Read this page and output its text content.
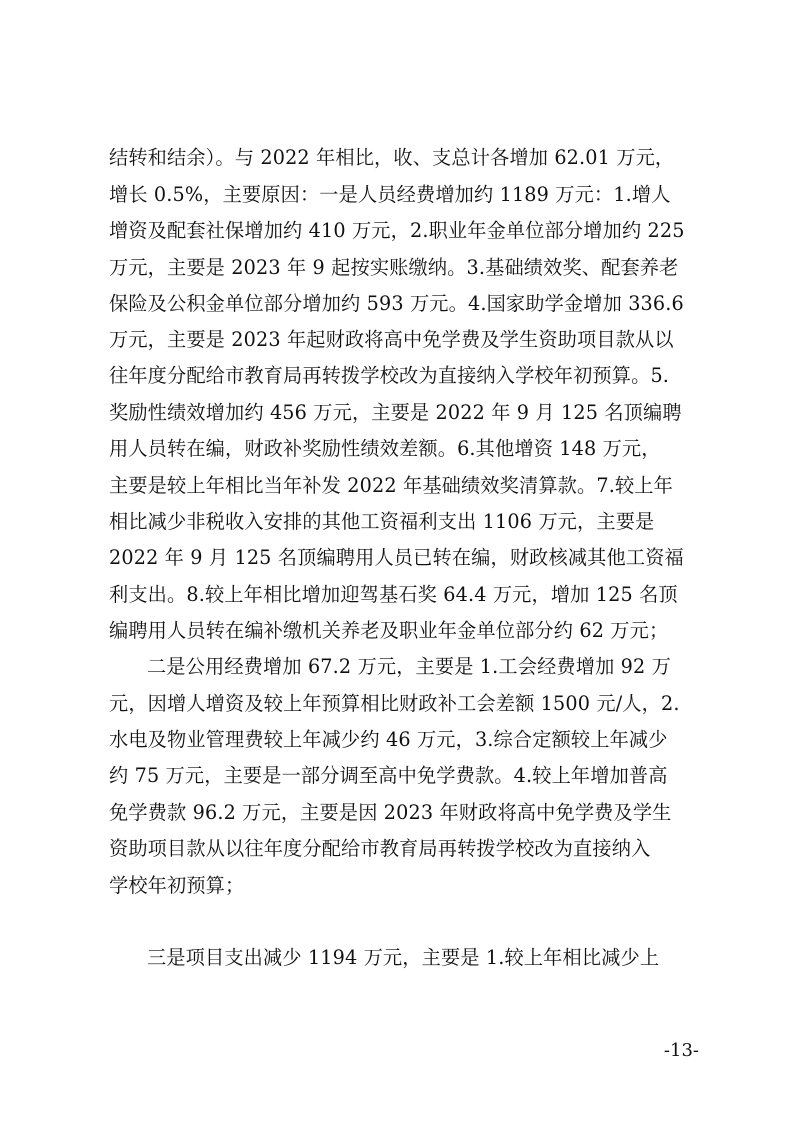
结转和结余）。与 2022 年相比，收、支总计各增加 62.01 万元，
增长 0.5%，主要原因：一是人员经费增加约 1189 万元：1.增人
增资及配套社保增加约 410 万元，2.职业年金单位部分增加约 225
万元，主要是 2023 年 9 起按实账缴纳。3.基础绩效奖、配套养老
保险及公积金单位部分增加约 593 万元。4.国家助学金增加 336.6
万元，主要是 2023 年起财政将高中免学费及学生资助项目款从以
往年度分配给市教育局再转拨学校改为直接纳入学校年初预算。5.
奖励性绩效增加约 456 万元，主要是 2022 年 9 月 125 名顶编聘
用人员转在编，财政补奖励性绩效差额。6.其他增资 148 万元，
主要是较上年相比当年补发 2022 年基础绩效奖清算款。7.较上年
相比减少非税收入安排的其他工资福利支出 1106 万元，主要是
2022 年 9 月 125 名顶编聘用人员已转在编，财政核减其他工资福
利支出。8.较上年相比增加迎驾基石奖 64.4 万元，增加 125 名顶
编聘用人员转在编补缴机关养老及职业年金单位部分约 62 万元；
二是公用经费增加 67.2 万元，主要是 1.工会经费增加 92 万
元，因增人增资及较上年预算相比财政补工会差额 1500 元/人，2.
水电及物业管理费较上年减少约 46 万元，3.综合定额较上年减少
约 75 万元，主要是一部分调至高中免学费款。4.较上年增加普高
免学费款 96.2 万元，主要是因 2023 年财政将高中免学费及学生
资助项目款从以往年度分配给市教育局再转拨学校改为直接纳入
学校年初预算；
三是项目支出减少 1194 万元，主要是 1.较上年相比减少上
-13-
